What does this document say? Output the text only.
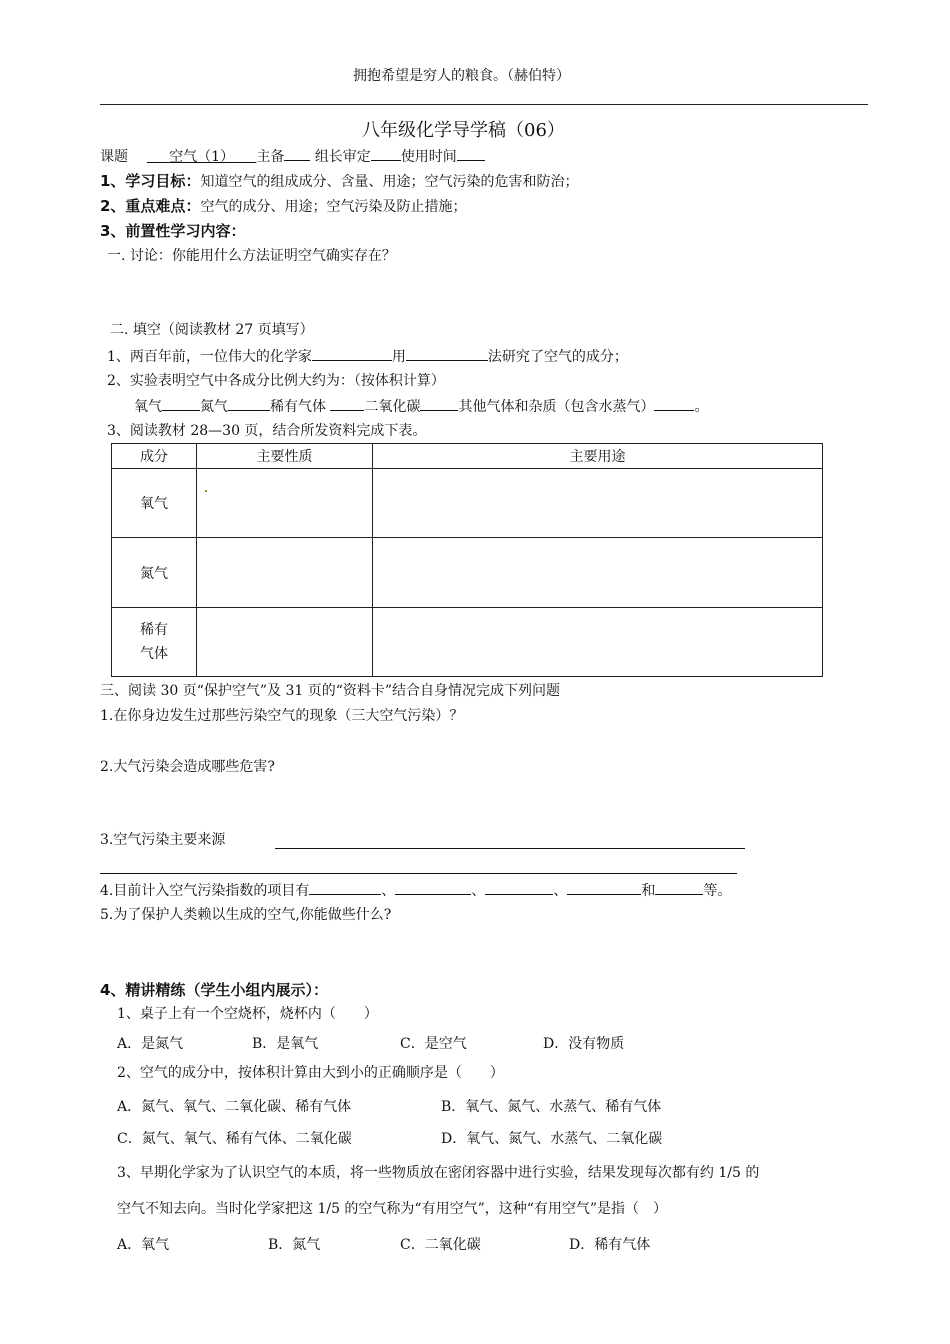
拥抱希望是穷人的粮食。（赫伯特）
八年级化学导学稿（06）
课题	空气（1） 主备 组长审定 使用时间
1、学习目标：知道空气的组成成分、含量、用途；空气污染的危害和防治；
2、重点难点：空气的成分、用途；空气污染及防止措施；
3、前置性学习内容：
一. 讨论：你能用什么方法证明空气确实存在？
二. 填空（阅读教材 27 页填写）
1、两百年前，一位伟大的化学家	用	法研究了空气的成分；
2、实验表明空气中各成分比例大约为：（按体积计算）
氧气	氮气	稀有气体	二氧化碳	其他气体和杂质（包含水蒸气）	。
3、阅读教材 28—30 页，结合所发资料完成下表。
成分	主要性质	主要用途
氧气		
氮气		
稀有
气体		
三、阅读 30 页“保护空气”及 31 页的“资料卡”结合自身情况完成下列问题
1.在你身边发生过那些污染空气的现象（三大空气污染）？
2.大气污染会造成哪些危害?
3.空气污染主要来源
4.目前计入空气污染指数的项目有	、	、	、	和	等。
5.为了保护人类赖以生成的空气,你能做些什么?
4、精讲精练（学生小组内展示）：
1、桌子上有一个空烧杯，烧杯内（　　）
A．是氮气	B．是氧气	C．是空气	D．没有物质
2、空气的成分中，按体积计算由大到小的正确顺序是（　　）
A．氮气、氧气、二氧化碳、稀有气体	B．氧气、氮气、水蒸气、稀有气体
C．氮气、氧气、稀有气体、二氧化碳	D．氧气、氮气、水蒸气、二氧化碳
3、早期化学家为了认识空气的本质，将一些物质放在密闭容器中进行实验，结果发现每次都有约 1/5 的
空气不知去向。当时化学家把这 1/5 的空气称为“有用空气”，这种“有用空气”是指（　）
A．氧气	B．氮气	C．二氧化碳	D．稀有气体
